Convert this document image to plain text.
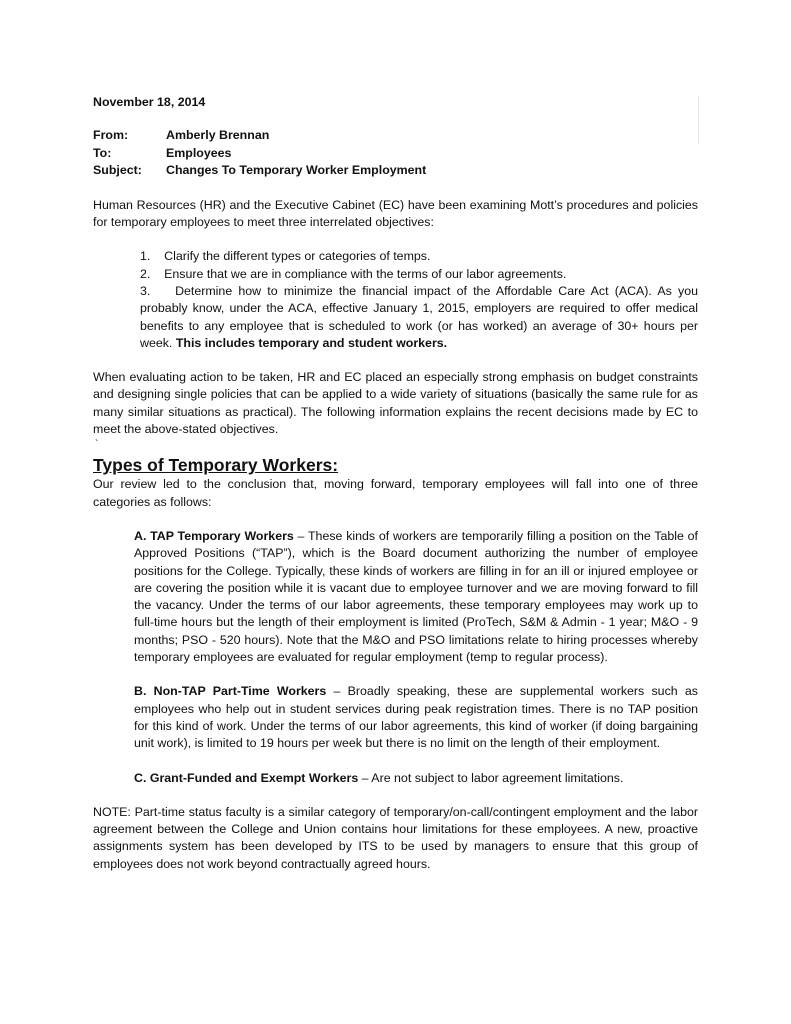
November 18, 2014
From:	Amberly Brennan
To:	Employees
Subject:	Changes To Temporary Worker Employment

Human Resources (HR) and the Executive Cabinet (EC) have been examining Mott’s procedures and policies for temporary employees to meet three interrelated objectives:

1. Clarify the different types or categories of temps.
2. Ensure that we are in compliance with the terms of our labor agreements.
3. Determine how to minimize the financial impact of the Affordable Care Act (ACA). As you probably know, under the ACA, effective January 1, 2015, employers are required to offer medical benefits to any employee that is scheduled to work (or has worked) an average of 30+ hours per week. This includes temporary and student workers.

When evaluating action to be taken, HR and EC placed an especially strong emphasis on budget constraints and designing single policies that can be applied to a wide variety of situations (basically the same rule for as many similar situations as practical). The following information explains the recent decisions made by EC to meet the above-stated objectives.

`
Types of Temporary Workers:

Our review led to the conclusion that, moving forward, temporary employees will fall into one of three categories as follows:

A. TAP Temporary Workers – These kinds of workers are temporarily filling a position on the Table of Approved Positions (“TAP”), which is the Board document authorizing the number of employee positions for the College. Typically, these kinds of workers are filling in for an ill or injured employee or are covering the position while it is vacant due to employee turnover and we are moving forward to fill the vacancy. Under the terms of our labor agreements, these temporary employees may work up to full-time hours but the length of their employment is limited (ProTech, S&M & Admin - 1 year; M&O - 9 months; PSO - 520 hours). Note that the M&O and PSO limitations relate to hiring processes whereby temporary employees are evaluated for regular employment (temp to regular process).

B. Non-TAP Part-Time Workers – Broadly speaking, these are supplemental workers such as employees who help out in student services during peak registration times. There is no TAP position for this kind of work. Under the terms of our labor agreements, this kind of worker (if doing bargaining unit work), is limited to 19 hours per week but there is no limit on the length of their employment.

C. Grant-Funded and Exempt Workers – Are not subject to labor agreement limitations.

NOTE: Part-time status faculty is a similar category of temporary/on-call/contingent employment and the labor agreement between the College and Union contains hour limitations for these employees. A new, proactive assignments system has been developed by ITS to be used by managers to ensure that this group of employees does not work beyond contractually agreed hours.
